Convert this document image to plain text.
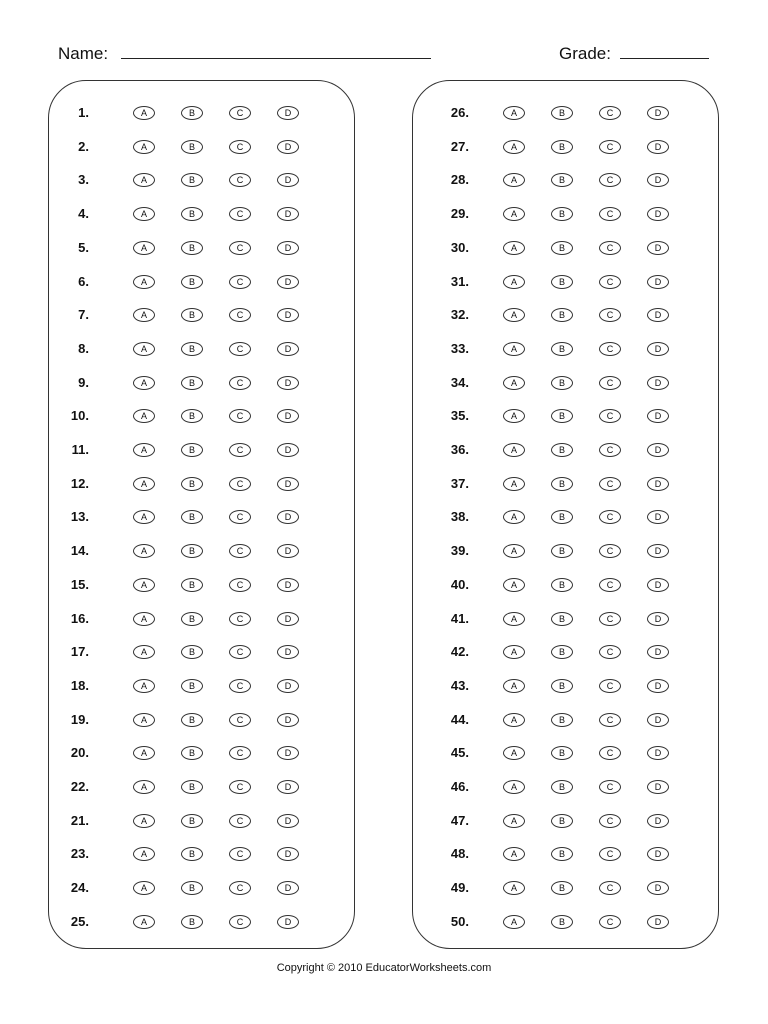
Name:	Grade:
1.	A	B	C	D
2.	A	B	C	D
3.	A	B	C	D
4.	A	B	C	D
5.	A	B	C	D
6.	A	B	C	D
7.	A	B	C	D
8.	A	B	C	D
9.	A	B	C	D
10.	A	B	C	D
11.	A	B	C	D
12.	A	B	C	D
13.	A	B	C	D
14.	A	B	C	D
15.	A	B	C	D
16.	A	B	C	D
17.	A	B	C	D
18.	A	B	C	D
19.	A	B	C	D
20.	A	B	C	D
22.	A	B	C	D
21.	A	B	C	D
23.	A	B	C	D
24.	A	B	C	D
25.	A	B	C	D
26.	A	B	C	D
27.	A	B	C	D
28.	A	B	C	D
29.	A	B	C	D
30.	A	B	C	D
31.	A	B	C	D
32.	A	B	C	D
33.	A	B	C	D
34.	A	B	C	D
35.	A	B	C	D
36.	A	B	C	D
37.	A	B	C	D
38.	A	B	C	D
39.	A	B	C	D
40.	A	B	C	D
41.	A	B	C	D
42.	A	B	C	D
43.	A	B	C	D
44.	A	B	C	D
45.	A	B	C	D
46.	A	B	C	D
47.	A	B	C	D
48.	A	B	C	D
49.	A	B	C	D
50.	A	B	C	D
Copyright © 2010 EducatorWorksheets.com
